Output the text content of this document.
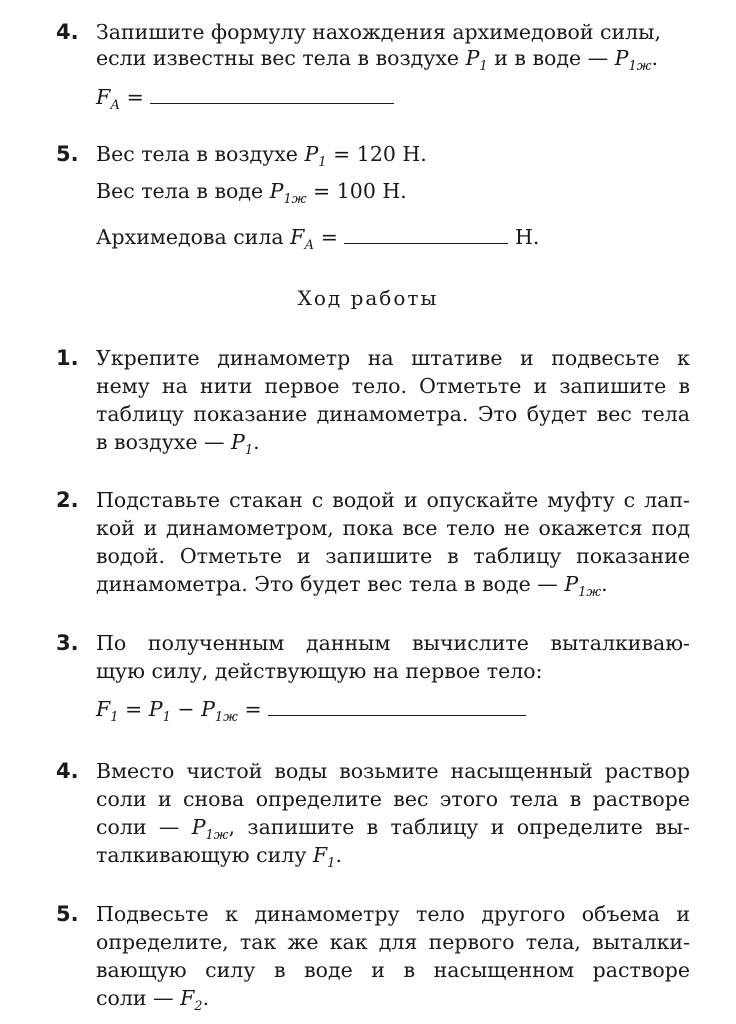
4. Запишите формулу нахождения архимедовой силы,
если известны вес тела в воздухе $P_1$ и в воде — $P_{1ж}$.
$F_А$ =
5. Вес тела в воздухе $P_1 = 120$ Н.
Вес тела в воде $P_{1ж} = 100$ Н.
Архимедова сила $F_А$ =	Н.
Ход работы
1. Укрепите динамометр на штативе и подвесьте к
нему на нити первое тело. Отметьте и запишите в
таблицу показание динамометра. Это будет вес тела
в воздухе — $P_1$.
2. Подставьте стакан с водой и опускайте муфту с лап-
кой и динамометром, пока все тело не окажется под
водой. Отметьте и запишите в таблицу показание
динамометра. Это будет вес тела в воде — $P_{1ж}$.
3. По полученным данным вычислите выталкиваю-
щую силу, действующую на первое тело:
$F_1 = P_1 - P_{1ж}$ =
4. Вместо чистой воды возьмите насыщенный раствор
соли и снова определите вес этого тела в растворе
соли — $P_{1ж}$, запишите в таблицу и определите вы-
талкивающую силу $F_1$.
5. Подвесьте к динамометру тело другого объема и
определите, так же как для первого тела, выталки-
вающую силу в воде и в насыщенном растворе
соли — $F_2$.
